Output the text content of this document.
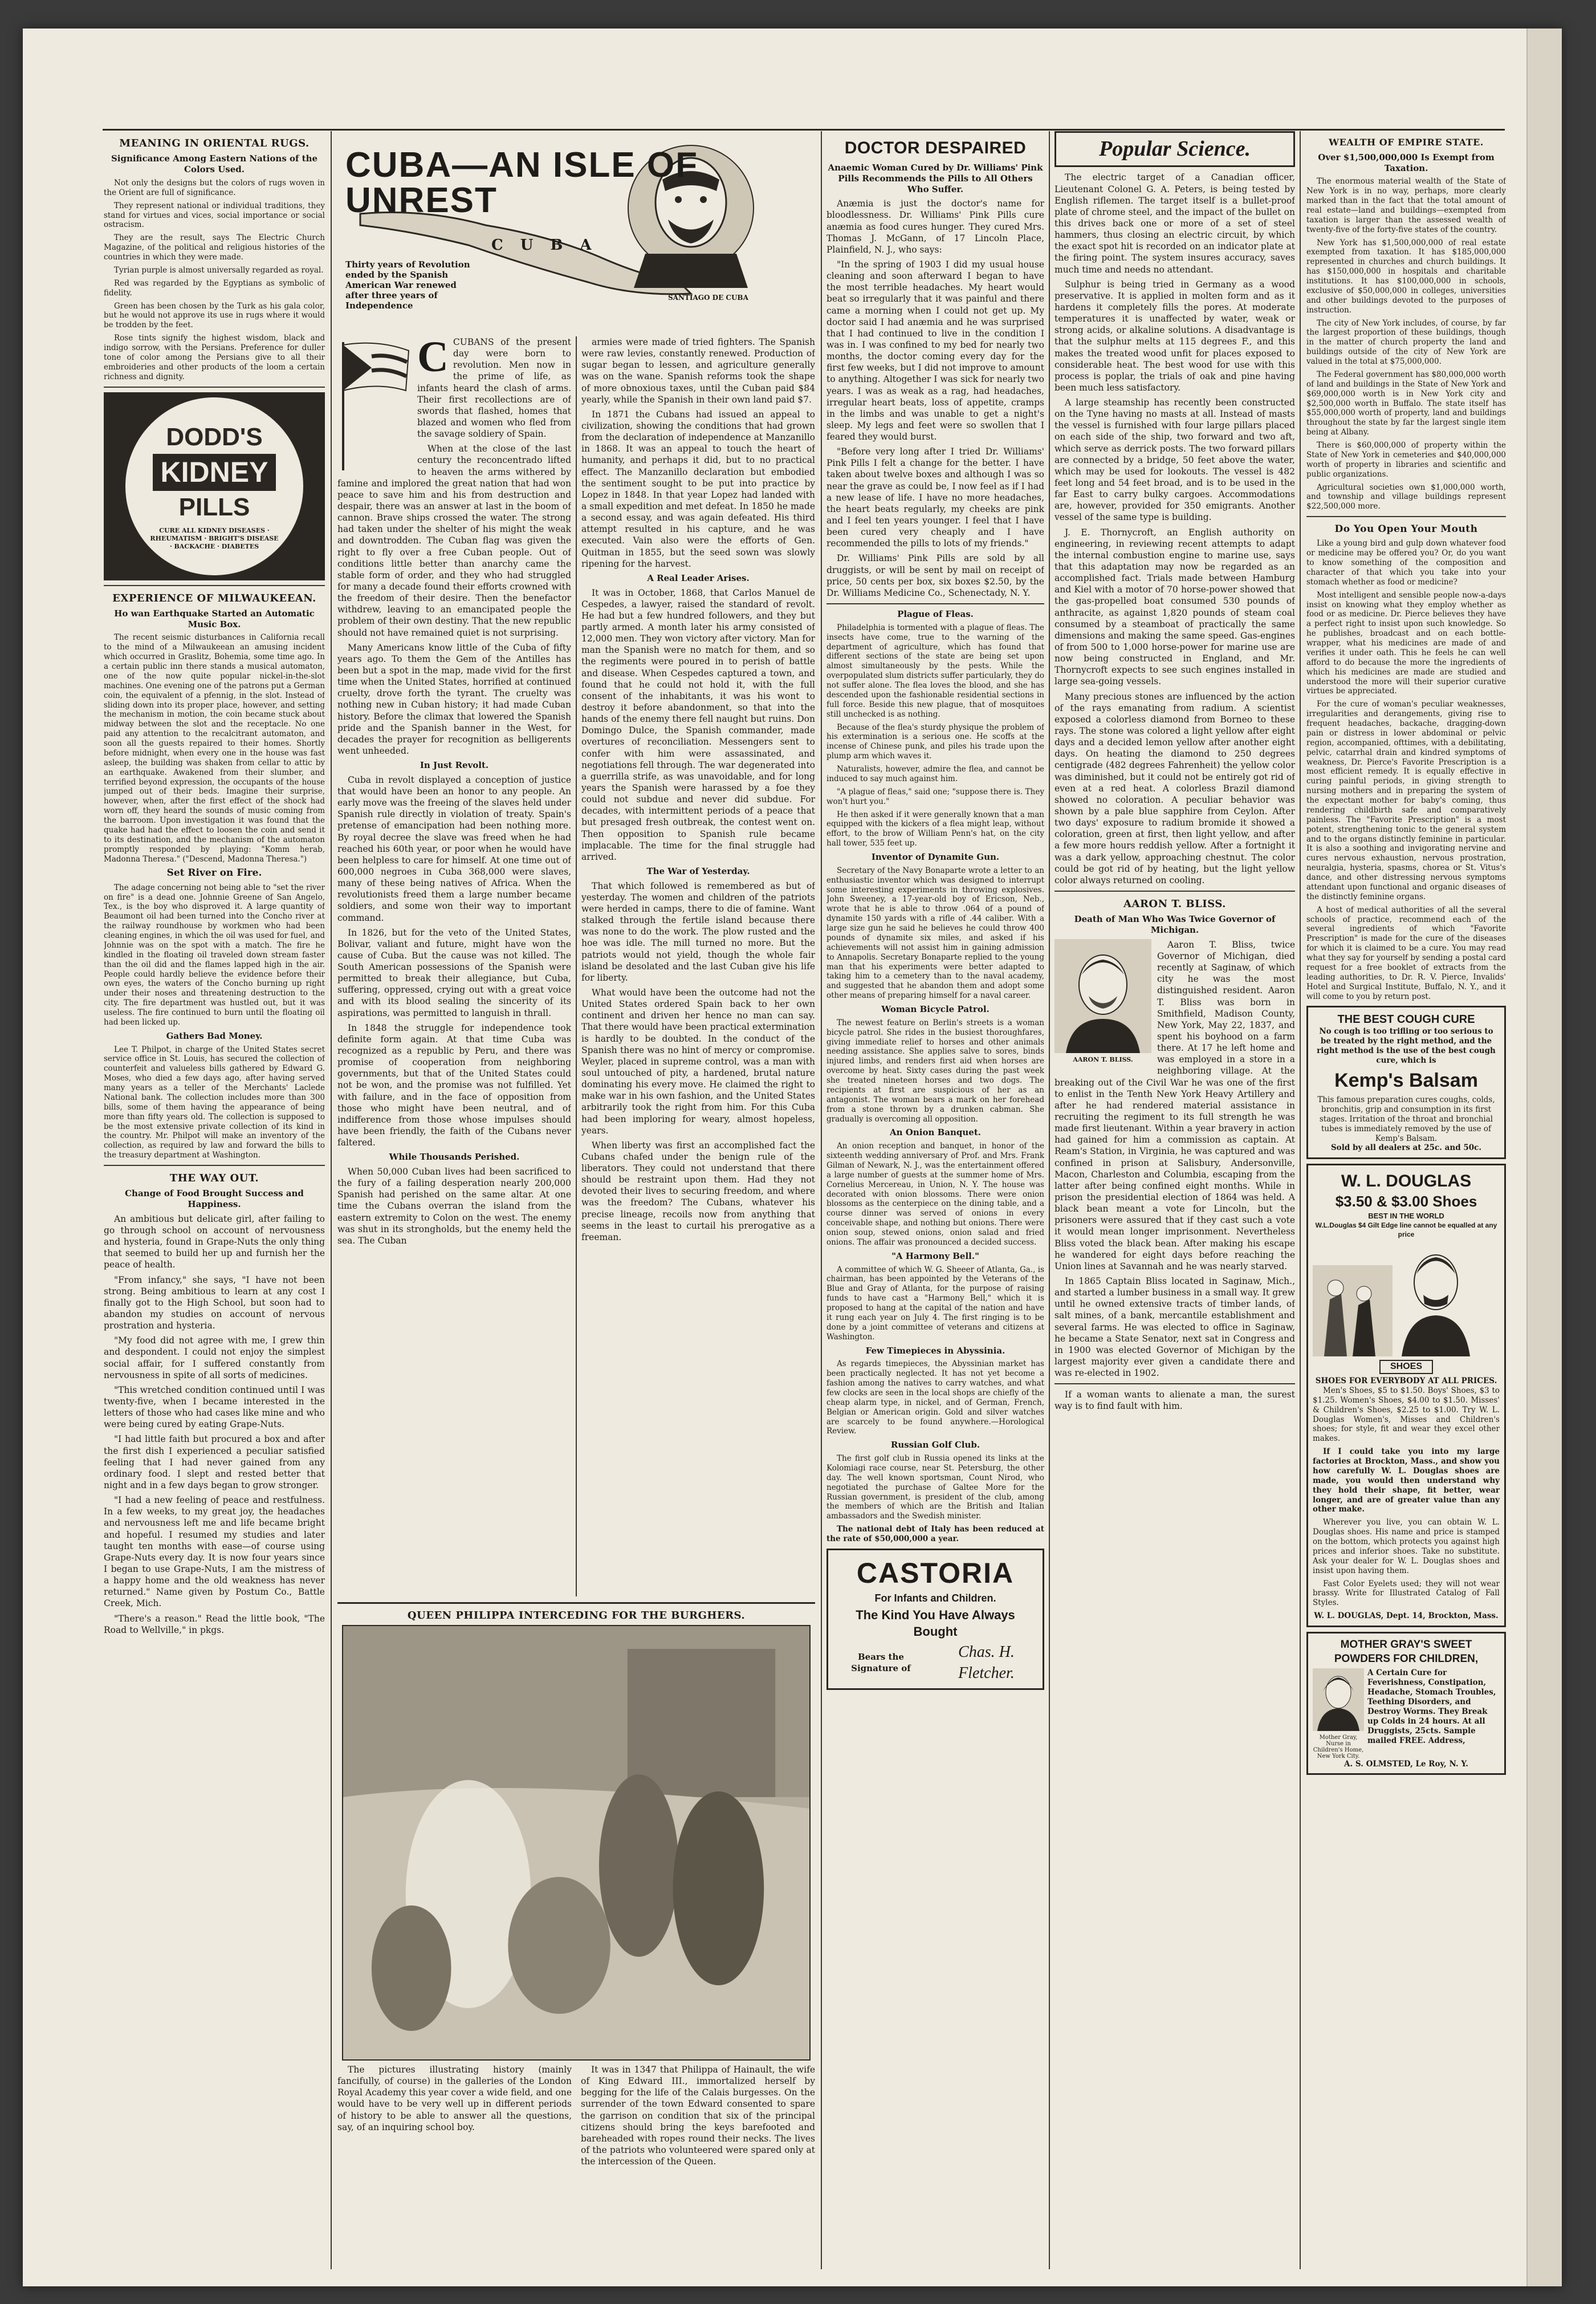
MEANING IN ORIENTAL RUGS.
Significance Among Eastern Nations of the Colors Used.

Not only the designs but the colors of rugs woven in the Orient are full of significance.

They represent national or individual traditions, they stand for virtues and vices, social importance or social ostracism.

They are the result, says The Electric Church Magazine, of the political and religious histories of the countries in which they were made.

Tyrian purple is almost universally regarded as royal.

Red was regarded by the Egyptians as symbolic of fidelity.

Green has been chosen by the Turk as his gala color, but he would not approve its use in rugs where it would be trodden by the feet.

Rose tints signify the highest wisdom, black and indigo sorrow, with the Persians. Preference for duller tone of color among the Persians give to all their embroideries and other products of the loom a certain richness and dignity.

DODD'S
KIDNEY
PILLS
CURE ALL KIDNEY DISEASES · RHEUMATISM · BRIGHT'S DISEASE · BACKACHE · DIABETES
EXPERIENCE OF MILWAUKEEAN.
Ho wan Earthquake Started an Automatic Music Box.

The recent seismic disturbances in California recall to the mind of a Milwaukeean an amusing incident which occurred in Graslitz, Bohemia, some time ago. In a certain public inn there stands a musical automaton, one of the now quite popular nickel-in-the-slot machines. One evening one of the patrons put a German coin, the equivalent of a pfennig, in the slot. Instead of sliding down into its proper place, however, and setting the mechanism in motion, the coin became stuck about midway between the slot and the receptacle. No one paid any attention to the recalcitrant automaton, and soon all the guests repaired to their homes. Shortly before midnight, when every one in the house was fast asleep, the building was shaken from cellar to attic by an earthquake. Awakened from their slumber, and terrified beyond expression, the occupants of the house jumped out of their beds. Imagine their surprise, however, when, after the first effect of the shock had worn off, they heard the sounds of music coming from the barroom. Upon investigation it was found that the quake had had the effect to loosen the coin and send it to its destination, and the mechanism of the automaton promptly responded by playing: "Komm herab, Madonna Theresa." ("Descend, Madonna Theresa.")

Set River on Fire.

The adage concerning not being able to "set the river on fire" is a dead one. Johnnie Greene of San Angelo, Tex., is the boy who disproved it. A large quantity of Beaumont oil had been turned into the Concho river at the railway roundhouse by workmen who had been cleaning engines, in which the oil was used for fuel, and Johnnie was on the spot with a match. The fire he kindled in the floating oil traveled down stream faster than the oil did and the flames lapped high in the air. People could hardly believe the evidence before their own eyes, the waters of the Concho burning up right under their noses and threatening destruction to the city. The fire department was hustled out, but it was useless. The fire continued to burn until the floating oil had been licked up.

Gathers Bad Money.

Lee T. Philpot, in charge of the United States secret service office in St. Louis, has secured the collection of counterfeit and valueless bills gathered by Edward G. Moses, who died a few days ago, after having served many years as a teller of the Merchants' Laclede National bank. The collection includes more than 300 bills, some of them having the appearance of being more than fifty years old. The collection is supposed to be the most extensive private collection of its kind in the country. Mr. Philpot will make an inventory of the collection, as required by law and forward the bills to the treasury department at Washington.

THE WAY OUT.
Change of Food Brought Success and Happiness.

An ambitious but delicate girl, after failing to go through school on account of nervousness and hysteria, found in Grape-Nuts the only thing that seemed to build her up and furnish her the peace of health.

"From infancy," she says, "I have not been strong. Being ambitious to learn at any cost I finally got to the High School, but soon had to abandon my studies on account of nervous prostration and hysteria.

"My food did not agree with me, I grew thin and despondent. I could not enjoy the simplest social affair, for I suffered constantly from nervousness in spite of all sorts of medicines.

"This wretched condition continued until I was twenty-five, when I became interested in the letters of those who had cases like mine and who were being cured by eating Grape-Nuts.

"I had little faith but procured a box and after the first dish I experienced a peculiar satisfied feeling that I had never gained from any ordinary food. I slept and rested better that night and in a few days began to grow stronger.

"I had a new feeling of peace and restfulness. In a few weeks, to my great joy, the headaches and nervousness left me and life became bright and hopeful. I resumed my studies and later taught ten months with ease—of course using Grape-Nuts every day. It is now four years since I began to use Grape-Nuts, I am the mistress of a happy home and the old weakness has never returned." Name given by Postum Co., Battle Creek, Mich.

"There's a reason." Read the little book, "The Road to Wellville," in pkgs.

CUBA—AN ISLE OF UNREST
CUBA
SANTIAGO DE CUBA
Thirty years of Revolution ended by the Spanish American War renewed after three years of Independence
C CUBANS of the present day were born to revolution. Men now in the prime of life, as infants heard the clash of arms. Their first recollections are of swords that flashed, homes that blazed and women who fled from the savage soldiery of Spain.

When at the close of the last century the reconcentrado lifted to heaven the arms withered by famine and implored the great nation that had won peace to save him and his from destruction and despair, there was an answer at last in the boom of cannon. Brave ships crossed the water. The strong had taken under the shelter of his might the weak and downtrodden. The Cuban flag was given the right to fly over a free Cuban people. Out of conditions little better than anarchy came the stable form of order, and they who had struggled for many a decade found their efforts crowned with the freedom of their desire. Then the benefactor withdrew, leaving to an emancipated people the problem of their own destiny. That the new republic should not have remained quiet is not surprising.

Many Americans know little of the Cuba of fifty years ago. To them the Gem of the Antilles has been but a spot in the map, made vivid for the first time when the United States, horrified at continued cruelty, drove forth the tyrant. The cruelty was nothing new in Cuban history; it had made Cuban history. Before the climax that lowered the Spanish pride and the Spanish banner in the West, for decades the prayer for recognition as belligerents went unheeded.

In Just Revolt.

Cuba in revolt displayed a conception of justice that would have been an honor to any people. An early move was the freeing of the slaves held under Spanish rule directly in violation of treaty. Spain's pretense of emancipation had been nothing more. By royal decree the slave was freed when he had reached his 60th year, or poor when he would have been helpless to care for himself. At one time out of 600,000 negroes in Cuba 368,000 were slaves, many of these being natives of Africa. When the revolutionists freed them a large number became soldiers, and some won their way to important command.

In 1826, but for the veto of the United States, Bolivar, valiant and future, might have won the cause of Cuba. But the cause was not killed. The South American possessions of the Spanish were permitted to break their allegiance, but Cuba, suffering, oppressed, crying out with a great voice and with its blood sealing the sincerity of its aspirations, was permitted to languish in thrall.

In 1848 the struggle for independence took definite form again. At that time Cuba was recognized as a republic by Peru, and there was promise of cooperation from neighboring governments, but that of the United States could not be won, and the promise was not fulfilled. Yet with failure, and in the face of opposition from those who might have been neutral, and of indifference from those whose impulses should have been friendly, the faith of the Cubans never faltered.

While Thousands Perished.

When 50,000 Cuban lives had been sacrificed to the fury of a failing desperation nearly 200,000 Spanish had perished on the same altar. At one time the Cubans overran the island from the eastern extremity to Colon on the west. The enemy was shut in its strongholds, but the enemy held the sea. The Cuban

armies were made of tried fighters. The Spanish were raw levies, constantly renewed. Production of sugar began to lessen, and agriculture generally was on the wane. Spanish reforms took the shape of more obnoxious taxes, until the Cuban paid $84 yearly, while the Spanish in their own land paid $7.

In 1871 the Cubans had issued an appeal to civilization, showing the conditions that had grown from the declaration of independence at Manzanillo in 1868. It was an appeal to touch the heart of humanity, and perhaps it did, but to no practical effect. The Manzanillo declaration but embodied the sentiment sought to be put into practice by Lopez in 1848. In that year Lopez had landed with a small expedition and met defeat. In 1850 he made a second essay, and was again defeated. His third attempt resulted in his capture, and he was executed. Vain also were the efforts of Gen. Quitman in 1855, but the seed sown was slowly ripening for the harvest.

A Real Leader Arises.

It was in October, 1868, that Carlos Manuel de Cespedes, a lawyer, raised the standard of revolt. He had but a few hundred followers, and they but partly armed. A month later his army consisted of 12,000 men. They won victory after victory. Man for man the Spanish were no match for them, and so the regiments were poured in to perish of battle and disease. When Cespedes captured a town, and found that he could not hold it, with the full consent of the inhabitants, it was his wont to destroy it before abandonment, so that into the hands of the enemy there fell naught but ruins. Don Domingo Dulce, the Spanish commander, made overtures of reconciliation. Messengers sent to confer with him were assassinated, and negotiations fell through. The war degenerated into a guerrilla strife, as was unavoidable, and for long years the Spanish were harassed by a foe they could not subdue and never did subdue. For decades, with intermittent periods of a peace that but presaged fresh outbreak, the contest went on. Then opposition to Spanish rule became implacable. The time for the final struggle had arrived.

The War of Yesterday.

That which followed is remembered as but of yesterday. The women and children of the patriots were herded in camps, there to die of famine. Want stalked through the fertile island because there was none to do the work. The plow rusted and the hoe was idle. The mill turned no more. But the patriots would not yield, though the whole fair island be desolated and the last Cuban give his life for liberty.

What would have been the outcome had not the United States ordered Spain back to her own continent and driven her hence no man can say. That there would have been practical extermination is hardly to be doubted. In the conduct of the Spanish there was no hint of mercy or compromise. Weyler, placed in supreme control, was a man with soul untouched of pity, a hardened, brutal nature dominating his every move. He claimed the right to make war in his own fashion, and the United States arbitrarily took the right from him. For this Cuba had been imploring for weary, almost hopeless, years.

When liberty was first an accomplished fact the Cubans chafed under the benign rule of the liberators. They could not understand that there should be restraint upon them. Had they not devoted their lives to securing freedom, and where was the freedom? The Cubans, whatever his precise lineage, recoils now from anything that seems in the least to curtail his prerogative as a freeman.

QUEEN PHILIPPA INTERCEDING FOR THE BURGHERS.

The pictures illustrating history (mainly fancifully, of course) in the galleries of the London Royal Academy this year cover a wide field, and one would have to be very well up in different periods of history to be able to answer all the questions, say, of an inquiring school boy.

It was in 1347 that Philippa of Hainault, the wife of King Edward III., immortalized herself by begging for the life of the Calais burgesses. On the surrender of the town Edward consented to spare the garrison on condition that six of the principal citizens should bring the keys barefooted and bareheaded with ropes round their necks. The lives of the patriots who volunteered were spared only at the intercession of the Queen.

DOCTOR DESPAIRED
Anaemic Woman Cured by Dr. Williams' Pink Pills Recommends the Pills to All Others Who Suffer.

Anæmia is just the doctor's name for bloodlessness. Dr. Williams' Pink Pills cure anæmia as food cures hunger. They cured Mrs. Thomas J. McGann, of 17 Lincoln Place, Plainfield, N. J., who says:

"In the spring of 1903 I did my usual house cleaning and soon afterward I began to have the most terrible headaches. My heart would beat so irregularly that it was painful and there came a morning when I could not get up. My doctor said I had anæmia and he was surprised that I had continued to live in the condition I was in. I was confined to my bed for nearly two months, the doctor coming every day for the first few weeks, but I did not improve to amount to anything. Altogether I was sick for nearly two years. I was as weak as a rag, had headaches, irregular heart beats, loss of appetite, cramps in the limbs and was unable to get a night's sleep. My legs and feet were so swollen that I feared they would burst.

"Before very long after I tried Dr. Williams' Pink Pills I felt a change for the better. I have taken about twelve boxes and although I was so near the grave as could be, I now feel as if I had a new lease of life. I have no more headaches, the heart beats regularly, my cheeks are pink and I feel ten years younger. I feel that I have been cured very cheaply and I have recommended the pills to lots of my friends."

Dr. Williams' Pink Pills are sold by all druggists, or will be sent by mail on receipt of price, 50 cents per box, six boxes $2.50, by the Dr. Williams Medicine Co., Schenectady, N. Y.

Plague of Fleas.

Philadelphia is tormented with a plague of fleas. The insects have come, true to the warning of the department of agriculture, which has found that different sections of the state are being set upon almost simultaneously by the pests. While the overpopulated slum districts suffer particularly, they do not suffer alone. The flea loves the blood, and she has descended upon the fashionable residential sections in full force. Beside this new plague, that of mosquitoes still unchecked is as nothing.

Because of the flea's sturdy physique the problem of his extermination is a serious one. He scoffs at the incense of Chinese punk, and piles his trade upon the plump arm which waves it.

Naturalists, however, admire the flea, and cannot be induced to say much against him.

"A plague of fleas," said one; "suppose there is. They won't hurt you."

He then asked if it were generally known that a man equipped with the kickers of a flea might leap, without effort, to the brow of William Penn's hat, on the city hall tower, 535 feet up.

Inventor of Dynamite Gun.

Secretary of the Navy Bonaparte wrote a letter to an enthusiastic inventor which was designed to interrupt some interesting experiments in throwing explosives. John Sweeney, a 17-year-old boy of Ericson, Neb., wrote that he is able to throw .064 of a pound of dynamite 150 yards with a rifle of .44 caliber. With a large size gun he said he believes he could throw 400 pounds of dynamite six miles, and asked if his achievements will not assist him in gaining admission to Annapolis. Secretary Bonaparte replied to the young man that his experiments were better adapted to taking him to a cemetery than to the naval academy, and suggested that he abandon them and adopt some other means of preparing himself for a naval career.

Woman Bicycle Patrol.

The newest feature on Berlin's streets is a woman bicycle patrol. She rides in the busiest thoroughfares, giving immediate relief to horses and other animals needing assistance. She applies salve to sores, binds injured limbs, and renders first aid when horses are overcome by heat. Sixty cases during the past week she treated nineteen horses and two dogs. The recipients at first are suspicious of her as an antagonist. The woman bears a mark on her forehead from a stone thrown by a drunken cabman. She gradually is overcoming all opposition.

An Onion Banquet.

An onion reception and banquet, in honor of the sixteenth wedding anniversary of Prof. and Mrs. Frank Gilman of Newark, N. J., was the entertainment offered a large number of guests at the summer home of Mrs. Cornelius Mercereau, in Union, N. Y. The house was decorated with onion blossoms. There were onion blossoms as the centerpiece on the dining table, and a course dinner was served of onions in every conceivable shape, and nothing but onions. There were onion soup, stewed onions, onion salad and fried onions. The affair was pronounced a decided success.

"A Harmony Bell."

A committee of which W. G. Sheeer of Atlanta, Ga., is chairman, has been appointed by the Veterans of the Blue and Gray of Atlanta, for the purpose of raising funds to have cast a "Harmony Bell," which it is proposed to hang at the capital of the nation and have it rung each year on July 4. The first ringing is to be done by a joint committee of veterans and citizens at Washington.

Few Timepieces in Abyssinia.

As regards timepieces, the Abyssinian market has been practically neglected. It has not yet become a fashion among the natives to carry watches, and what few clocks are seen in the local shops are chiefly of the cheap alarm type, in nickel, and of German, French, Belgian or American origin. Gold and silver watches are scarcely to be found anywhere.—Horological Review.

Russian Golf Club.

The first golf club in Russia opened its links at the Kolomiagi race course, near St. Petersburg, the other day. The well known sportsman, Count Nirod, who negotiated the purchase of Galtee More for the Russian government, is president of the club, among the members of which are the British and Italian ambassadors and the Swedish minister.

The national debt of Italy has been reduced at the rate of $50,000,000 a year.

CASTORIA
For Infants and Children.
The Kind You Have Always Bought
Bears the Signature of
Chas. H. Fletcher.
Popular Science.

The electric target of a Canadian officer, Lieutenant Colonel G. A. Peters, is being tested by English riflemen. The target itself is a bullet-proof plate of chrome steel, and the impact of the bullet on this drives back one or more of a set of steel hammers, thus closing an electric circuit, by which the exact spot hit is recorded on an indicator plate at the firing point. The system insures accuracy, saves much time and needs no attendant.

Sulphur is being tried in Germany as a wood preservative. It is applied in molten form and as it hardens it completely fills the pores. At moderate temperatures it is unaffected by water, weak or strong acids, or alkaline solutions. A disadvantage is that the sulphur melts at 115 degrees F., and this makes the treated wood unfit for places exposed to considerable heat. The best wood for use with this process is poplar, the trials of oak and pine having been much less satisfactory.

A large steamship has recently been constructed on the Tyne having no masts at all. Instead of masts the vessel is furnished with four large pillars placed on each side of the ship, two forward and two aft, which serve as derrick posts. The two forward pillars are connected by a bridge, 50 feet above the water, which may be used for lookouts. The vessel is 482 feet long and 54 feet broad, and is to be used in the far East to carry bulky cargoes. Accommodations are, however, provided for 350 emigrants. Another vessel of the same type is building.

J. E. Thornycroft, an English authority on engineering, in reviewing recent attempts to adapt the internal combustion engine to marine use, says that this adaptation may now be regarded as an accomplished fact. Trials made between Hamburg and Kiel with a motor of 70 horse-power showed that the gas-propelled boat consumed 530 pounds of anthracite, as against 1,820 pounds of steam coal consumed by a steamboat of practically the same dimensions and making the same speed. Gas-engines of from 500 to 1,000 horse-power for marine use are now being constructed in England, and Mr. Thornycroft expects to see such engines installed in large sea-going vessels.

Many precious stones are influenced by the action of the rays emanating from radium. A scientist exposed a colorless diamond from Borneo to these rays. The stone was colored a light yellow after eight days and a decided lemon yellow after another eight days. On heating the diamond to 250 degrees centigrade (482 degrees Fahrenheit) the yellow color was diminished, but it could not be entirely got rid of even at a red heat. A colorless Brazil diamond showed no coloration. A peculiar behavior was shown by a pale blue sapphire from Ceylon. After two days' exposure to radium bromide it showed a coloration, green at first, then light yellow, and after a few more hours reddish yellow. After a fortnight it was a dark yellow, approaching chestnut. The color could be got rid of by heating, but the light yellow color always returned on cooling.

AARON T. BLISS.
Death of Man Who Was Twice Governor of Michigan.
AARON T. BLISS.

Aaron T. Bliss, twice Governor of Michigan, died recently at Saginaw, of which city he was the most distinguished resident. Aaron T. Bliss was born in Smithfield, Madison County, New York, May 22, 1837, and spent his boyhood on a farm there. At 17 he left home and was employed in a store in a neighboring village. At the breaking out of the Civil War he was one of the first to enlist in the Tenth New York Heavy Artillery and after he had rendered material assistance in recruiting the regiment to its full strength he was made first lieutenant. Within a year bravery in action had gained for him a commission as captain. At Ream's Station, in Virginia, he was captured and was confined in prison at Salisbury, Andersonville, Macon, Charleston and Columbia, escaping from the latter after being confined eight months. While in prison the presidential election of 1864 was held. A black bean meant a vote for Lincoln, but the prisoners were assured that if they cast such a vote it would mean longer imprisonment. Nevertheless Bliss voted the black bean. After making his escape he wandered for eight days before reaching the Union lines at Savannah and he was nearly starved.

In 1865 Captain Bliss located in Saginaw, Mich., and started a lumber business in a small way. It grew until he owned extensive tracts of timber lands, of salt mines, of a bank, mercantile establishment and several farms. He was elected to office in Saginaw, he became a State Senator, next sat in Congress and in 1900 was elected Governor of Michigan by the largest majority ever given a candidate there and was re-elected in 1902.

If a woman wants to alienate a man, the surest way is to find fault with him.

WEALTH OF EMPIRE STATE.
Over $1,500,000,000 Is Exempt from Taxation.

The enormous material wealth of the State of New York is in no way, perhaps, more clearly marked than in the fact that the total amount of real estate—land and buildings—exempted from taxation is larger than the assessed wealth of twenty-five of the forty-five states of the country.

New York has $1,500,000,000 of real estate exempted from taxation. It has $185,000,000 represented in churches and church buildings. It has $150,000,000 in hospitals and charitable institutions. It has $100,000,000 in schools, exclusive of $50,000,000 in colleges, universities and other buildings devoted to the purposes of instruction.

The city of New York includes, of course, by far the largest proportion of these buildings, though in the matter of church property the land and buildings outside of the city of New York are valued in the total at $75,000,000.

The Federal government has $80,000,000 worth of land and buildings in the State of New York and $69,000,000 worth is in New York city and $2,500,000 worth in Buffalo. The state itself has $55,000,000 worth of property, land and buildings throughout the state by far the largest single item being at Albany.

There is $60,000,000 of property within the State of New York in cemeteries and $40,000,000 worth of property in libraries and scientific and public organizations.

Agricultural societies own $1,000,000 worth, and township and village buildings represent $22,500,000 more.

Do You Open Your Mouth

Like a young bird and gulp down whatever food or medicine may be offered you? Or, do you want to know something of the composition and character of that which you take into your stomach whether as food or medicine?

Most intelligent and sensible people now-a-days insist on knowing what they employ whether as food or as medicine. Dr. Pierce believes they have a perfect right to insist upon such knowledge. So he publishes, broadcast and on each bottle-wrapper, what his medicines are made of and verifies it under oath. This he feels he can well afford to do because the more the ingredients of which his medicines are made are studied and understood the more will their superior curative virtues be appreciated.

For the cure of woman's peculiar weaknesses, irregularities and derangements, giving rise to frequent headaches, backache, dragging-down pain or distress in lower abdominal or pelvic region, accompanied, ofttimes, with a debilitating, pelvic, catarrhal drain and kindred symptoms of weakness, Dr. Pierce's Favorite Prescription is a most efficient remedy. It is equally effective in curing painful periods, in giving strength to nursing mothers and in preparing the system of the expectant mother for baby's coming, thus rendering childbirth safe and comparatively painless. The "Favorite Prescription" is a most potent, strengthening tonic to the general system and to the organs distinctly feminine in particular. It is also a soothing and invigorating nervine and cures nervous exhaustion, nervous prostration, neuralgia, hysteria, spasms, chorea or St. Vitus's dance, and other distressing nervous symptoms attendant upon functional and organic diseases of the distinctly feminine organs.

A host of medical authorities of all the several schools of practice, recommend each of the several ingredients of which "Favorite Prescription" is made for the cure of the diseases for which it is claimed to be a cure. You may read what they say for yourself by sending a postal card request for a free booklet of extracts from the leading authorities, to Dr. R. V. Pierce, Invalids' Hotel and Surgical Institute, Buffalo, N. Y., and it will come to you by return post.

THE BEST COUGH CURE
No cough is too trifling or too serious to be treated by the right method, and the right method is the use of the best cough cure, which is
Kemp's Balsam
This famous preparation cures coughs, colds, bronchitis, grip and consumption in its first stages. Irritation of the throat and bronchial tubes is immediately removed by the use of Kemp's Balsam.
Sold by all dealers at 25c. and 50c.
W. L. DOUGLAS
$3.50 & $3.00 Shoes
BEST IN THE WORLD
W.L.Douglas $4 Gilt Edge line cannot be equalled at any price
SHOES
SHOES FOR EVERYBODY AT ALL PRICES.

Men's Shoes, $5 to $1.50. Boys' Shoes, $3 to $1.25. Women's Shoes, $4.00 to $1.50. Misses' & Children's Shoes, $2.25 to $1.00. Try W. L. Douglas Women's, Misses and Children's shoes; for style, fit and wear they excel other makes.

If I could take you into my large factories at Brockton, Mass., and show you how carefully W. L. Douglas shoes are made, you would then understand why they hold their shape, fit better, wear longer, and are of greater value than any other make.

Wherever you live, you can obtain W. L. Douglas shoes. His name and price is stamped on the bottom, which protects you against high prices and inferior shoes. Take no substitute. Ask your dealer for W. L. Douglas shoes and insist upon having them.

Fast Color Eyelets used; they will not wear brassy. Write for Illustrated Catalog of Fall Styles.

W. L. DOUGLAS, Dept. 14, Brockton, Mass.
MOTHER GRAY'S SWEET POWDERS FOR CHILDREN,
Mother Gray, Nurse in Children's Home, New York City.
A Certain Cure for Feverishness, Constipation, Headache, Stomach Troubles, Teething Disorders, and Destroy Worms. They Break up Colds in 24 hours. At all Druggists, 25cts. Sample mailed FREE. Address,
A. S. OLMSTED, Le Roy, N. Y.
